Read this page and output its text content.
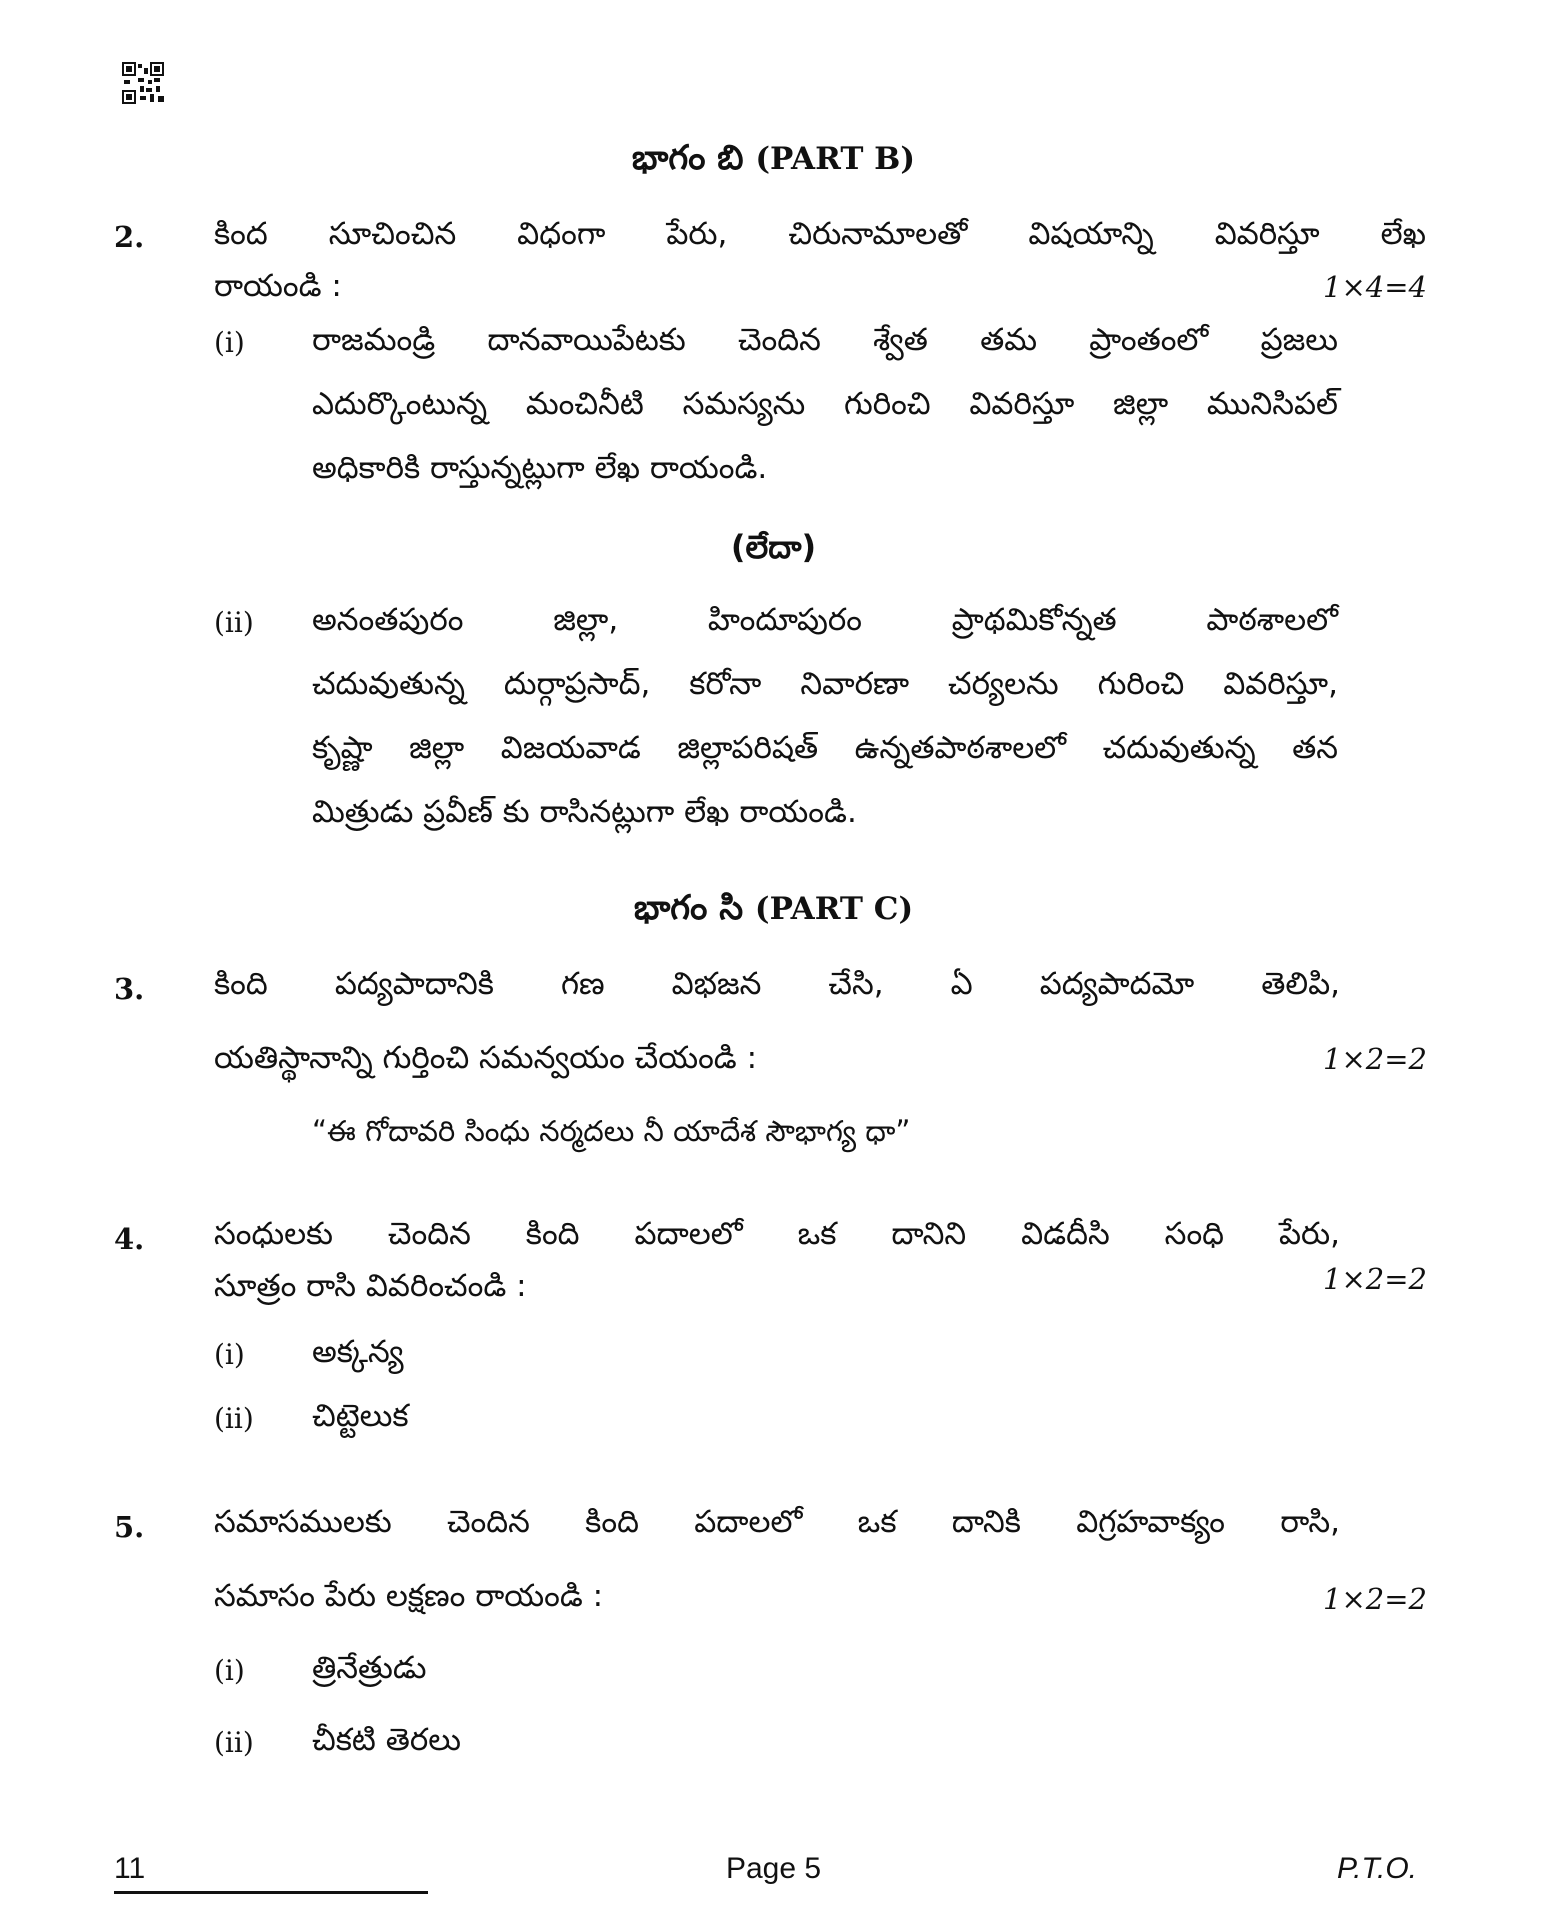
భాగం బి (PART B)
2. కింద సూచించిన విధంగా పేరు, చిరునామాలతో విషయాన్ని వివరిస్తూ లేఖ
రాయండి :	1×4=4
(i) రాజమండ్రి దానవాయిపేటకు చెందిన శ్వేత తమ ప్రాంతంలో ప్రజలు
ఎదుర్కొంటున్న మంచినీటి సమస్యను గురించి వివరిస్తూ జిల్లా మునిసిపల్
అధికారికి రాస్తున్నట్లుగా లేఖ రాయండి.
(లేదా)
(ii) అనంతపురం జిల్లా, హిందూపురం ప్రాథమికోన్నత పాఠశాలలో
చదువుతున్న దుర్గాప్రసాద్, కరోనా నివారణా చర్యలను గురించి వివరిస్తూ,
కృష్ణా జిల్లా విజయవాడ జిల్లాపరిషత్ ఉన్నతపాఠశాలలో చదువుతున్న తన
మిత్రుడు ప్రవీణ్ కు రాసినట్లుగా లేఖ రాయండి.
భాగం సి (PART C)
3. కింది పద్యపాదానికి గణ విభజన చేసి, ఏ పద్యపాదమో తెలిపి,
యతిస్థానాన్ని గుర్తించి సమన్వయం చేయండి :	1×2=2
“ఈ గోదావరి సింధు నర్మదలు నీ యాదేశ సౌభాగ్య ధా”
4. సంధులకు చెందిన కింది పదాలలో ఒక దానిని విడదీసి సంధి పేరు,
సూత్రం రాసి వివరించండి :	1×2=2
(i) అక్కన్య
(ii) చిట్టెలుక
5. సమాసములకు చెందిన కింది పదాలలో ఒక దానికి విగ్రహవాక్యం రాసి,
సమాసం పేరు లక్షణం రాయండి :	1×2=2
(i) త్రినేత్రుడు
(ii) చీకటి తెరలు
11	Page 5	P.T.O.
